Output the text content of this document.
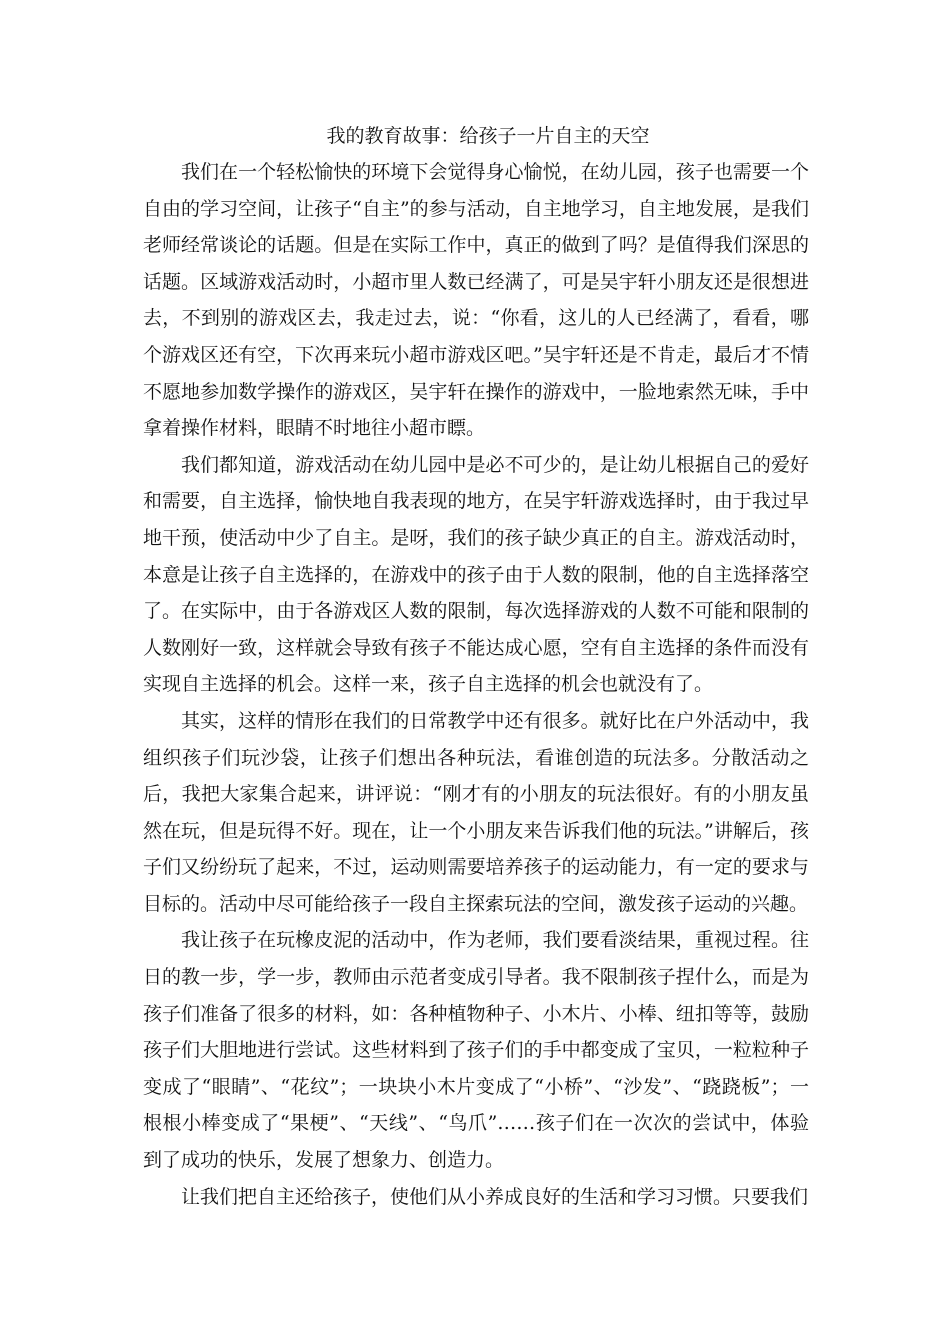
我的教育故事：给孩子一片自主的天空

我们在一个轻松愉快的环境下会觉得身心愉悦，在幼儿园，孩子也需要一个自由的学习空间，让孩子“自主”的参与活动，自主地学习，自主地发展，是我们老师经常谈论的话题。但是在实际工作中，真正的做到了吗？是值得我们深思的话题。区域游戏活动时，小超市里人数已经满了，可是吴宇轩小朋友还是很想进去，不到别的游戏区去，我走过去，说：“你看，这儿的人已经满了，看看，哪个游戏区还有空，下次再来玩小超市游戏区吧。”吴宇轩还是不肯走，最后才不情不愿地参加数学操作的游戏区，吴宇轩在操作的游戏中，一脸地索然无味，手中拿着操作材料，眼睛不时地往小超市瞟。

我们都知道，游戏活动在幼儿园中是必不可少的，是让幼儿根据自己的爱好和需要，自主选择，愉快地自我表现的地方，在吴宇轩游戏选择时，由于我过早地干预，使活动中少了自主。是呀，我们的孩子缺少真正的自主。游戏活动时，本意是让孩子自主选择的，在游戏中的孩子由于人数的限制，他的自主选择落空了。在实际中，由于各游戏区人数的限制，每次选择游戏的人数不可能和限制的人数刚好一致，这样就会导致有孩子不能达成心愿，空有自主选择的条件而没有实现自主选择的机会。这样一来，孩子自主选择的机会也就没有了。

其实，这样的情形在我们的日常教学中还有很多。就好比在户外活动中，我组织孩子们玩沙袋，让孩子们想出各种玩法，看谁创造的玩法多。分散活动之后，我把大家集合起来，讲评说：“刚才有的小朋友的玩法很好。有的小朋友虽然在玩，但是玩得不好。现在，让一个小朋友来告诉我们他的玩法。”讲解后，孩子们又纷纷玩了起来，不过，运动则需要培养孩子的运动能力，有一定的要求与目标的。活动中尽可能给孩子一段自主探索玩法的空间，激发孩子运动的兴趣。

我让孩子在玩橡皮泥的活动中，作为老师，我们要看淡结果，重视过程。往日的教一步，学一步，教师由示范者变成引导者。我不限制孩子捏什么，而是为孩子们准备了很多的材料，如：各种植物种子、小木片、小棒、纽扣等等，鼓励孩子们大胆地进行尝试。这些材料到了孩子们的手中都变成了宝贝，一粒粒种子变成了“眼睛”、“花纹”；一块块小木片变成了“小桥”、“沙发”、“跷跷板”；一根根小棒变成了“果梗”、“天线”、“鸟爪”……孩子们在一次次的尝试中，体验到了成功的快乐，发展了想象力、创造力。

让我们把自主还给孩子，使他们从小养成良好的生活和学习习惯。只要我们
